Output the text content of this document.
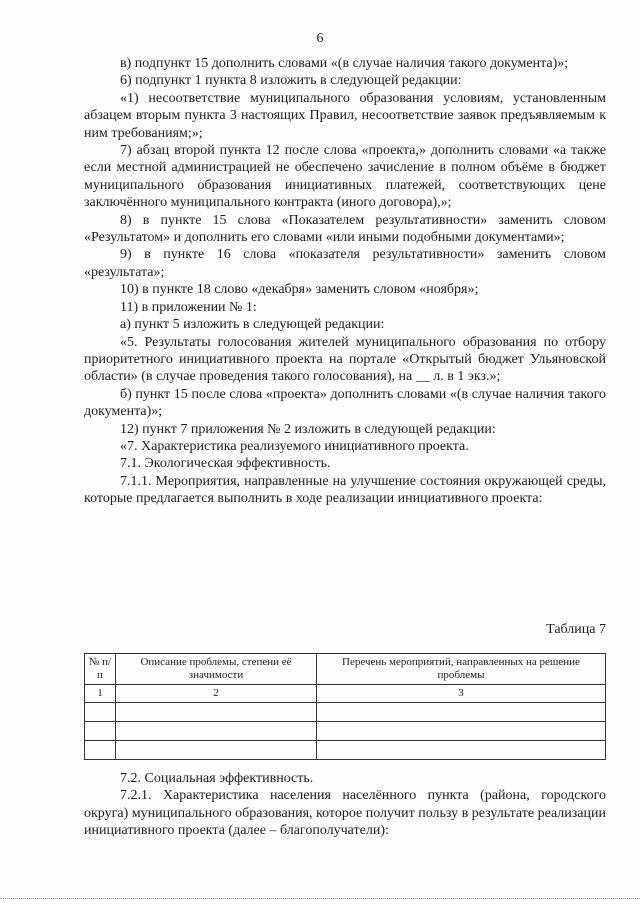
6

в) подпункт 15 дополнить словами «(в случае наличия такого документа)»;

6) подпункт 1 пункта 8 изложить в следующей редакции:

«1) несоответствие муниципального образования условиям, установленным абзацем вторым пункта 3 настоящих Правил, несоответствие заявок предъявляемым к ним требованиям;»;

7) абзац второй пункта 12 после слова «проекта,» дополнить словами «а также если местной администрацией не обеспечено зачисление в полном объёме в бюджет муниципального образования инициативных платежей, соответствующих цене заключённого муниципального контракта (иного договора),»;

8) в пункте 15 слова «Показателем результативности» заменить словом «Результатом» и дополнить его словами «или иными подобными документами»;

9) в пункте 16 слова «показателя результативности» заменить словом «результата»;

10) в пункте 18 слово «декабря» заменить словом «ноября»;

11) в приложении № 1:

а) пункт 5 изложить в следующей редакции:

«5. Результаты голосования жителей муниципального образования по отбору приоритетного инициативного проекта на портале «Открытый бюджет Ульяновской области» (в случае проведения такого голосования), на __ л. в 1 экз.»;

б) пункт 15 после слова «проекта» дополнить словами «(в случае наличия такого документа)»;

12) пункт 7 приложения № 2 изложить в следующей редакции:

«7. Характеристика реализуемого инициативного проекта.

7.1. Экологическая эффективность.

7.1.1. Мероприятия, направленные на улучшение состояния окружающей среды, которые предлагается выполнить в ходе реализации инициативного проекта:

Таблица 7
№ п/п	Описание проблемы, степени её значимости	Перечень мероприятий, направленных на решение проблемы
1	2	3

7.2. Социальная эффективность.

7.2.1. Характеристика населения населённого пункта (района, городского округа) муниципального образования, которое получит пользу в результате реализации инициативного проекта (далее – благополучатели):
